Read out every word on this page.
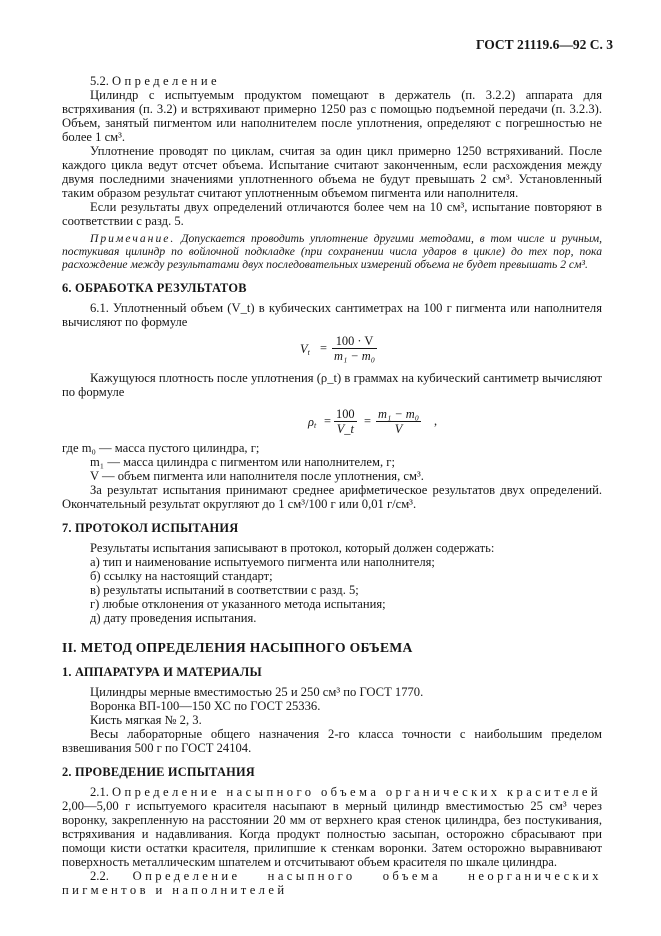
ГОСТ 21119.6—92 С. 3

5.2. Определение

Цилиндр с испытуемым продуктом помещают в держатель (п. 3.2.2) аппарата для встряхивания (п. 3.2) и встряхивают примерно 1250 раз с помощью подъемной передачи (п. 3.2.3). Объем, занятый пигментом или наполнителем после уплотнения, определяют с погрешностью не более 1 см³.

Уплотнение проводят по циклам, считая за один цикл примерно 1250 встряхиваний. После каждого цикла ведут отсчет объема. Испытание считают законченным, если расхождения между двумя последними значениями уплотненного объема не будут превышать 2 см³. Установленный таким образом результат считают уплотненным объемом пигмента или наполнителя.

Если результаты двух определений отличаются более чем на 10 см³, испытание повторяют в соответствии с разд. 5.

Примечание. Допускается проводить уплотнение другими методами, в том числе и ручным, постукивая цилиндр по войлочной подкладке (при сохранении числа ударов в цикле) до тех пор, пока расхождение между результатами двух последовательных измерений объема не будет превышать 2 см³.

6. ОБРАБОТКА РЕЗУЛЬТАТОВ

6.1. Уплотненный объем (V_t) в кубических сантиметрах на 100 г пигмента или наполнителя вычисляют по формуле

$V_t = \frac{100 \cdot V}{\text{m₁ − m₀}}$

Кажущуюся плотность после уплотнения (ρ_t) в граммах на кубический сантиметр вычисляют по формуле

$\rho_t = \frac{100}{V\_t} = \frac{\text{m₁ − m₀}}{V}$ ,
где m₀ — масса пустого цилиндра, г;
m₁ — масса цилиндра с пигментом или наполнителем, г;
V — объем пигмента или наполнителя после уплотнения, см³.

За результат испытания принимают среднее арифметическое результатов двух определений. Окончательный результат округляют до 1 см³/100 г или 0,01 г/см³.

7. ПРОТОКОЛ ИСПЫТАНИЯ

Результаты испытания записывают в протокол, который должен содержать:

а) тип и наименование испытуемого пигмента или наполнителя;

б) ссылку на настоящий стандарт;

в) результаты испытаний в соответствии с разд. 5;

г) любые отклонения от указанного метода испытания;

д) дату проведения испытания.

II. МЕТОД ОПРЕДЕЛЕНИЯ НАСЫПНОГО ОБЪЕМА

1. АППАРАТУРА И МАТЕРИАЛЫ

Цилиндры мерные вместимостью 25 и 250 см³ по ГОСТ 1770.

Воронка ВП-100—150 ХС по ГОСТ 25336.

Кисть мягкая № 2, 3.

Весы лабораторные общего назначения 2-го класса точности с наибольшим пределом взвешивания 500 г по ГОСТ 24104.

2. ПРОВЕДЕНИЕ ИСПЫТАНИЯ

2.1. Определение насыпного объема органических красителей

2,00—5,00 г испытуемого красителя насыпают в мерный цилиндр вместимостью 25 см³ через воронку, закрепленную на расстоянии 20 мм от верхнего края стенок цилиндра, без постукивания, встряхивания и надавливания. Когда продукт полностью засыпан, осторожно сбрасывают при помощи кисти остатки красителя, прилипшие к стенкам воронки. Затем осторожно выравнивают поверхность металлическим шпателем и отсчитывают объем красителя по шкале цилиндра.

2.2. Определение насыпного объема неорганических пигментов и наполнителей
